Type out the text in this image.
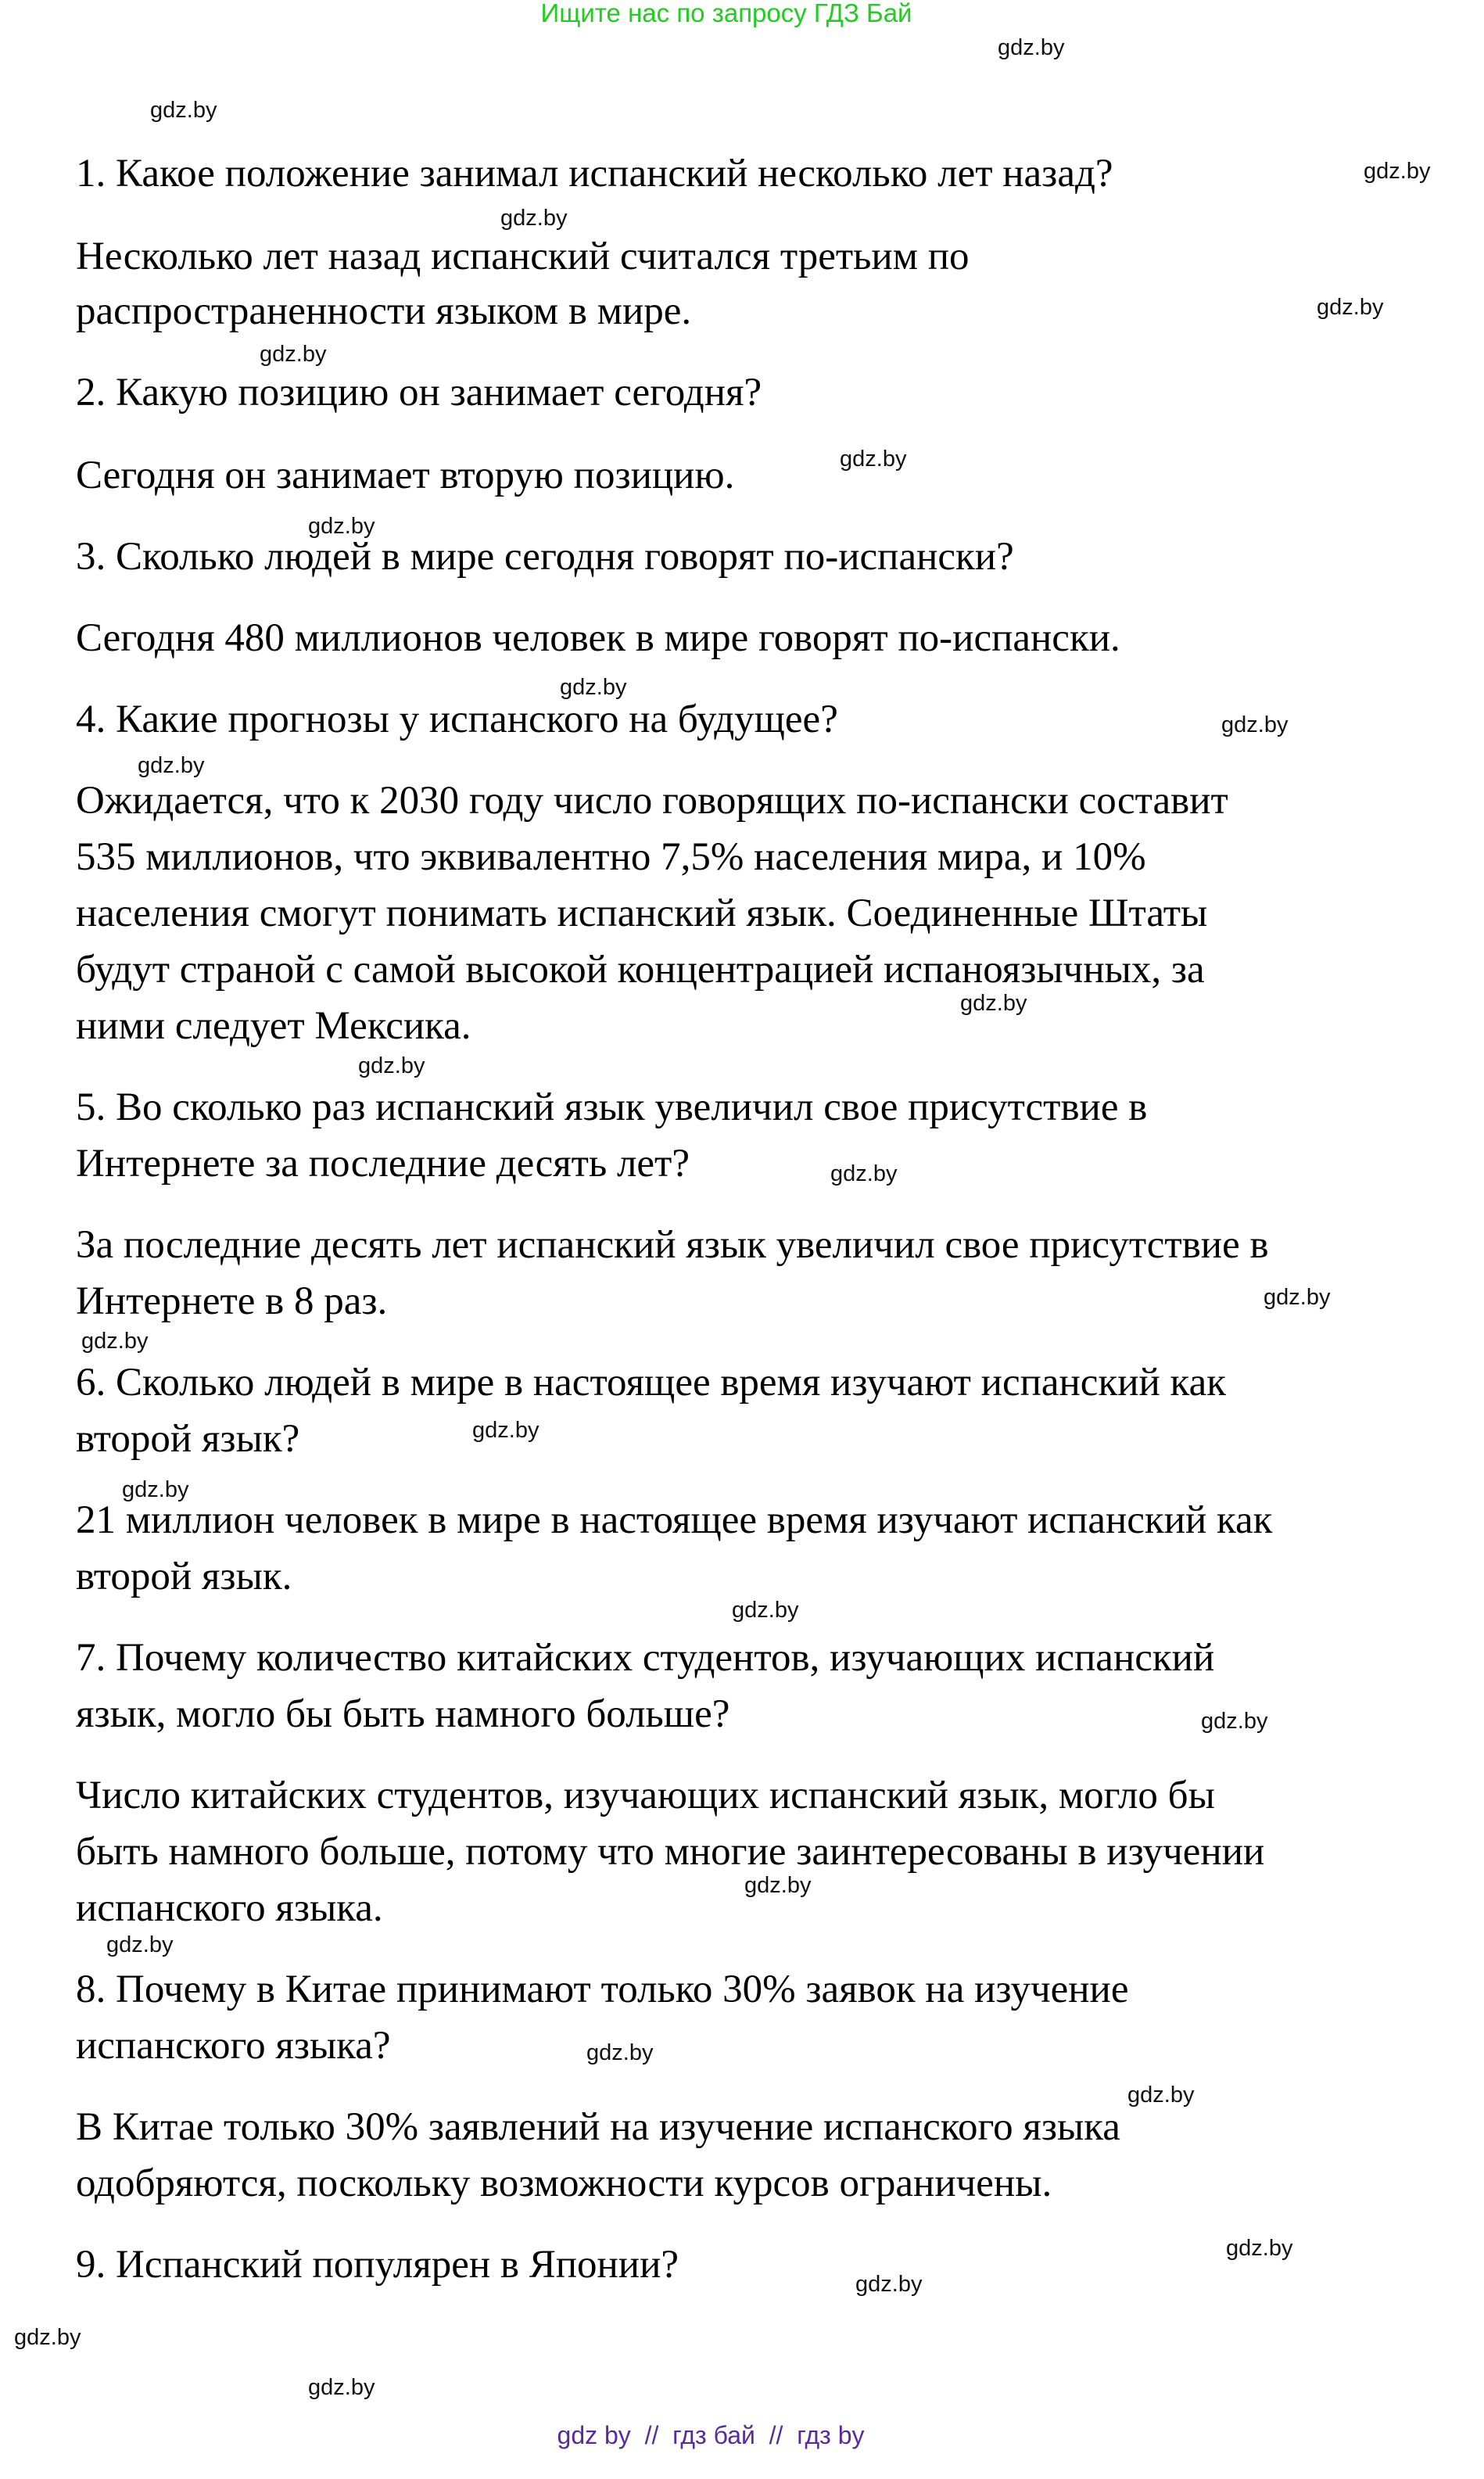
Ищите нас по запросу ГДЗ Бай
1. Какое положение занимал испанский несколько лет назад?
Несколько лет назад испанский считался третьим по
распространенности языком в мире.
2. Какую позицию он занимает сегодня?
Сегодня он занимает вторую позицию.
3. Сколько людей в мире сегодня говорят по-испански?
Сегодня 480 миллионов человек в мире говорят по-испански.
4. Какие прогнозы у испанского на будущее?
Ожидается, что к 2030 году число говорящих по-испански составит
535 миллионов, что эквивалентно 7,5% населения мира, и 10%
населения смогут понимать испанский язык. Соединенные Штаты
будут страной с самой высокой концентрацией испаноязычных, за
ними следует Мексика.
5. Во сколько раз испанский язык увеличил свое присутствие в
Интернете за последние десять лет?
За последние десять лет испанский язык увеличил свое присутствие в
Интернете в 8 раз.
6. Сколько людей в мире в настоящее время изучают испанский как
второй язык?
21 миллион человек в мире в настоящее время изучают испанский как
второй язык.
7. Почему количество китайских студентов, изучающих испанский
язык, могло бы быть намного больше?
Число китайских студентов, изучающих испанский язык, могло бы
быть намного больше, потому что многие заинтересованы в изучении
испанского языка.
8. Почему в Китае принимают только 30% заявок на изучение
испанского языка?
В Китае только 30% заявлений на изучение испанского языка
одобряются, поскольку возможности курсов ограничены.
9. Испанский популярен в Японии?
gdz.by
gdz.by
gdz.by
gdz.by
gdz.by
gdz.by
gdz.by
gdz.by
gdz.by
gdz.by
gdz.by
gdz.by
gdz.by
gdz.by
gdz.by
gdz.by
gdz.by
gdz.by
gdz.by
gdz.by
gdz.by
gdz.by
gdz.by
gdz.by
gdz.by
gdz.by
gdz.by
gdz.by
gdz by  //  гдз бай  //  гдз by
